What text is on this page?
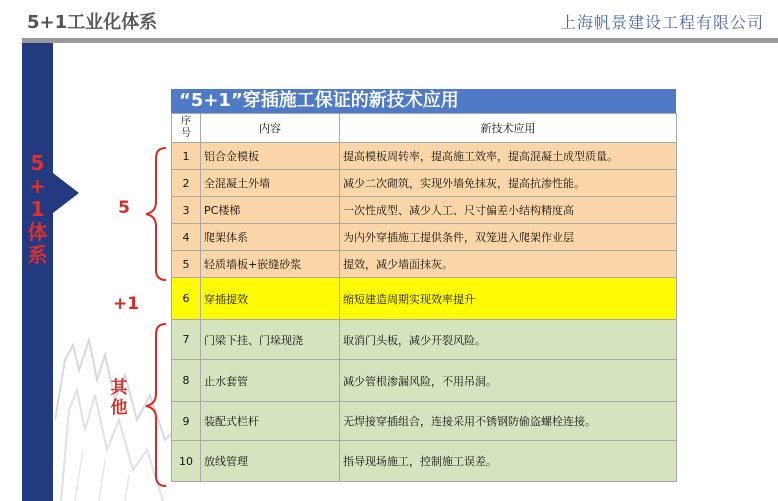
5+1工业化体系	上海帆景建设工程有限公司
5
+
1
体
系
5
+1
其
他
“5+1”穿插施工保证的新技术应用
序
号	内容	新技术应用
1	铝合金模板	提高模板周转率，提高施工效率，提高混凝土成型质量。
2	全混凝土外墙	减少二次砌筑，实现外墙免抹灰，提高抗渗性能。
3	PC楼梯	一次性成型、减少人工、尺寸偏差小结构精度高
4	爬架体系	为内外穿插施工提供条件，双笼进入爬架作业层
5	轻质墙板+嵌缝砂浆	提效，减少墙面抹灰。
6	穿插提效	缩短建造周期实现效率提升
7	门梁下挂、门垛现浇	取消门头板，减少开裂风险。
8	止水套管	减少管根渗漏风险，不用吊洞。
9	装配式栏杆	无焊接穿插组合，连接采用不锈钢防偷盗螺栓连接。
10	放线管理	指导现场施工，控制施工误差。
